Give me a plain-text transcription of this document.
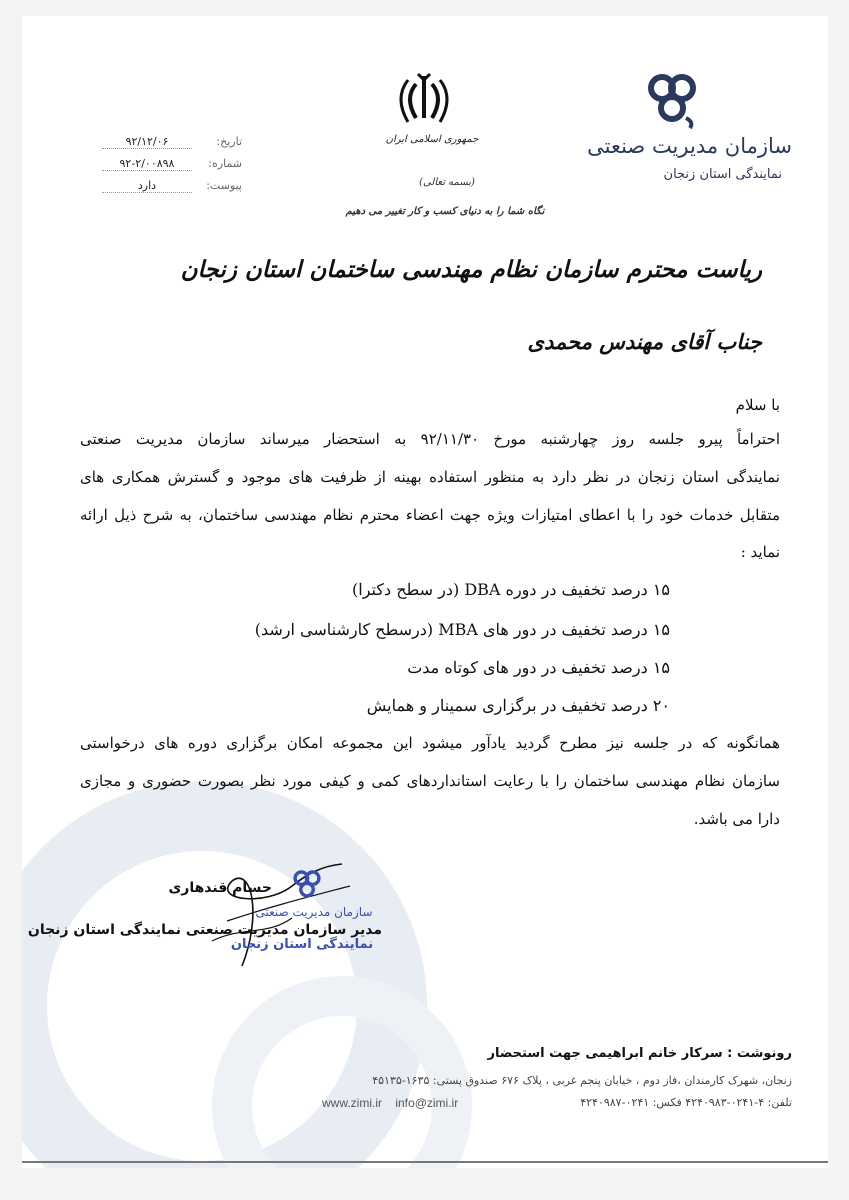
سازمان مدیریت صنعتی
نمایندگی استان زنجان
جمهوری اسلامی ایران
(بسمه تعالی)
نگاه شما را به دنیای کسب و کار تغییر می دهیم
تاریخ:
۹۲/۱۲/۰۶
شماره:
۹۲-۲/۰۰۸۹۸
پیوست:
دارد
ریاست محترم سازمان نظام مهندسی ساختمان استان زنجان
جناب آقای مهندس محمدی
با سلام
احتراماً پیرو جلسه روز چهارشنبه مورخ ۹۲/۱۱/۳۰ به استحضار میرساند سازمان مدیریت صنعتی
نمایندگی استان زنجان در نظر دارد به منظور استفاده بهینه از ظرفیت های موجود و گسترش همکاری های
متقابل خدمات خود را با اعطای امتیازات ویژه جهت اعضاء محترم نظام مهندسی ساختمان، به شرح ذیل ارائه
نماید :
۱۵ درصد تخفیف در دوره DBA (در سطح دکترا)
۱۵ درصد تخفیف در دور های MBA (درسطح کارشناسی ارشد)
۱۵ درصد تخفیف در دور های کوتاه مدت
۲۰ درصد تخفیف در برگزاری سمینار و همایش
همانگونه که در جلسه نیز مطرح گردید یادآور میشود این مجموعه امکان برگزاری دوره های درخواستی
سازمان نظام مهندسی ساختمان را با رعایت استانداردهای کمی و کیفی مورد نظر بصورت حضوری و مجازی
دارا می باشد.
سازمان مدیریت صنعتی
نمایندگی استان زنجان
حسام قندهاری
مدیر سازمان مدیریت صنعتی نمایندگی استان زنجان
رونوشت : سرکار خانم ابراهیمی جهت استحضار
زنجان، شهرک کارمندان ،فاز دوم ، خیابان پنجم غربی ، پلاک ۶۷۶ صندوق پستی: ۱۶۳۵-۴۵۱۳۵
تلفن: ۴-۰۲۴۱-۴۲۴۰۹۸۳ فکس: ۰۲۴۱-۴۲۴۰۹۸۷
www.zimi.ir info@zimi.ir
